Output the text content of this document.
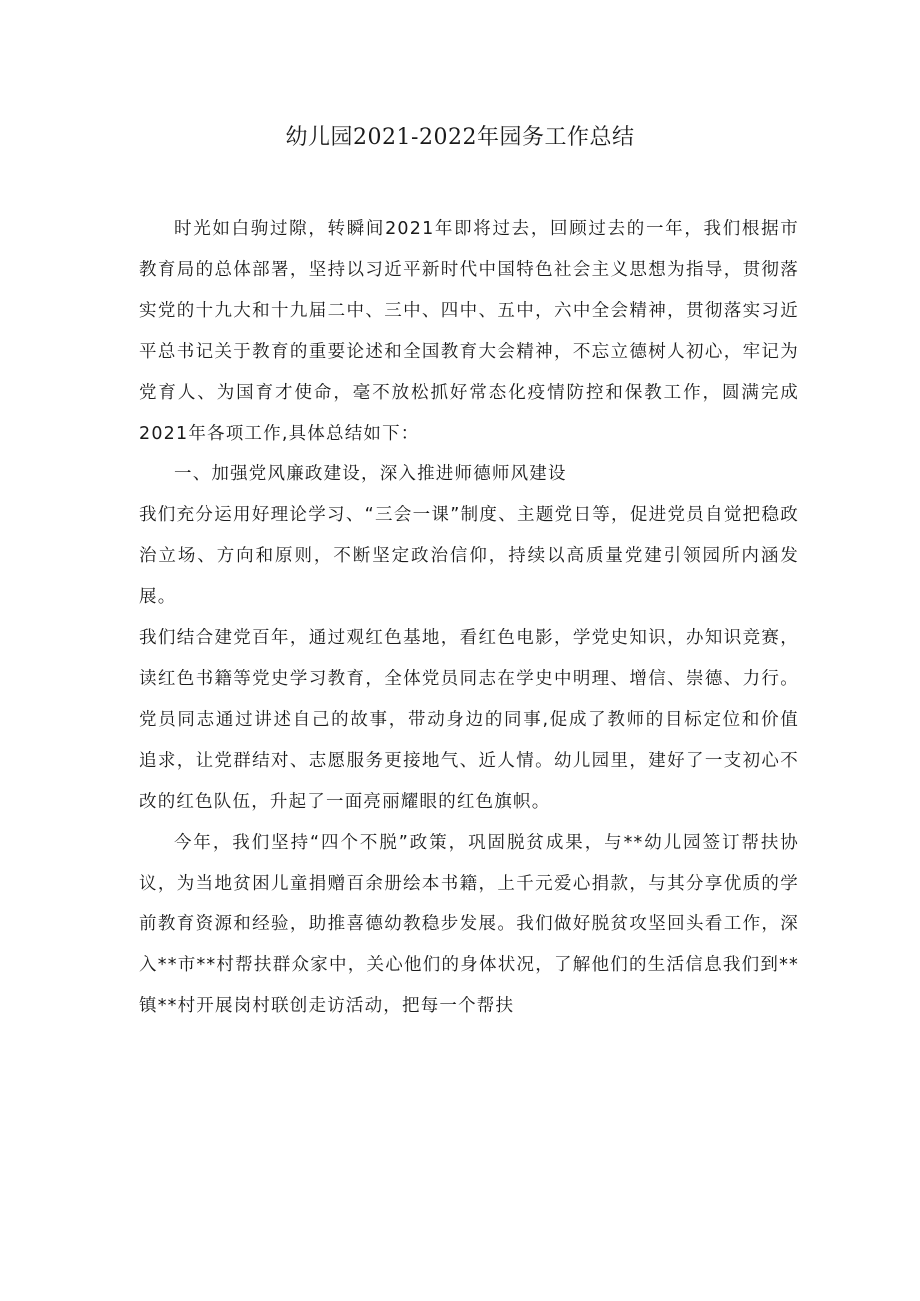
幼儿园2021-2022年园务工作总结

时光如白驹过隙，转瞬间2021年即将过去，回顾过去的一年，我们根据市教育局的总体部署，坚持以习近平新时代中国特色社会主义思想为指导，贯彻落实党的十九大和十九届二中、三中、四中、五中，六中全会精神，贯彻落实习近平总书记关于教育的重要论述和全国教育大会精神，不忘立德树人初心，牢记为党育人、为国育才使命，毫不放松抓好常态化疫情防控和保教工作，圆满完成2021年各项工作,具体总结如下：

一、加强党风廉政建设，深入推进师德师风建设

我们充分运用好理论学习、“三会一课”制度、主题党日等，促进党员自觉把稳政治立场、方向和原则，不断坚定政治信仰，持续以高质量党建引领园所内涵发展。

我们结合建党百年，通过观红色基地，看红色电影，学党史知识，办知识竞赛，读红色书籍等党史学习教育，全体党员同志在学史中明理、增信、崇德、力行。党员同志通过讲述自己的故事，带动身边的同事,促成了教师的目标定位和价值追求，让党群结对、志愿服务更接地气、近人情。幼儿园里，建好了一支初心不改的红色队伍，升起了一面亮丽耀眼的红色旗帜。

今年，我们坚持“四个不脱”政策，巩固脱贫成果，与**幼儿园签订帮扶协议，为当地贫困儿童捐赠百余册绘本书籍，上千元爱心捐款，与其分享优质的学前教育资源和经验，助推喜德幼教稳步发展。我们做好脱贫攻坚回头看工作，深入**市**村帮扶群众家中，关心他们的身体状况，了解他们的生活信息我们到**镇**村开展岗村联创走访活动，把每一个帮扶
